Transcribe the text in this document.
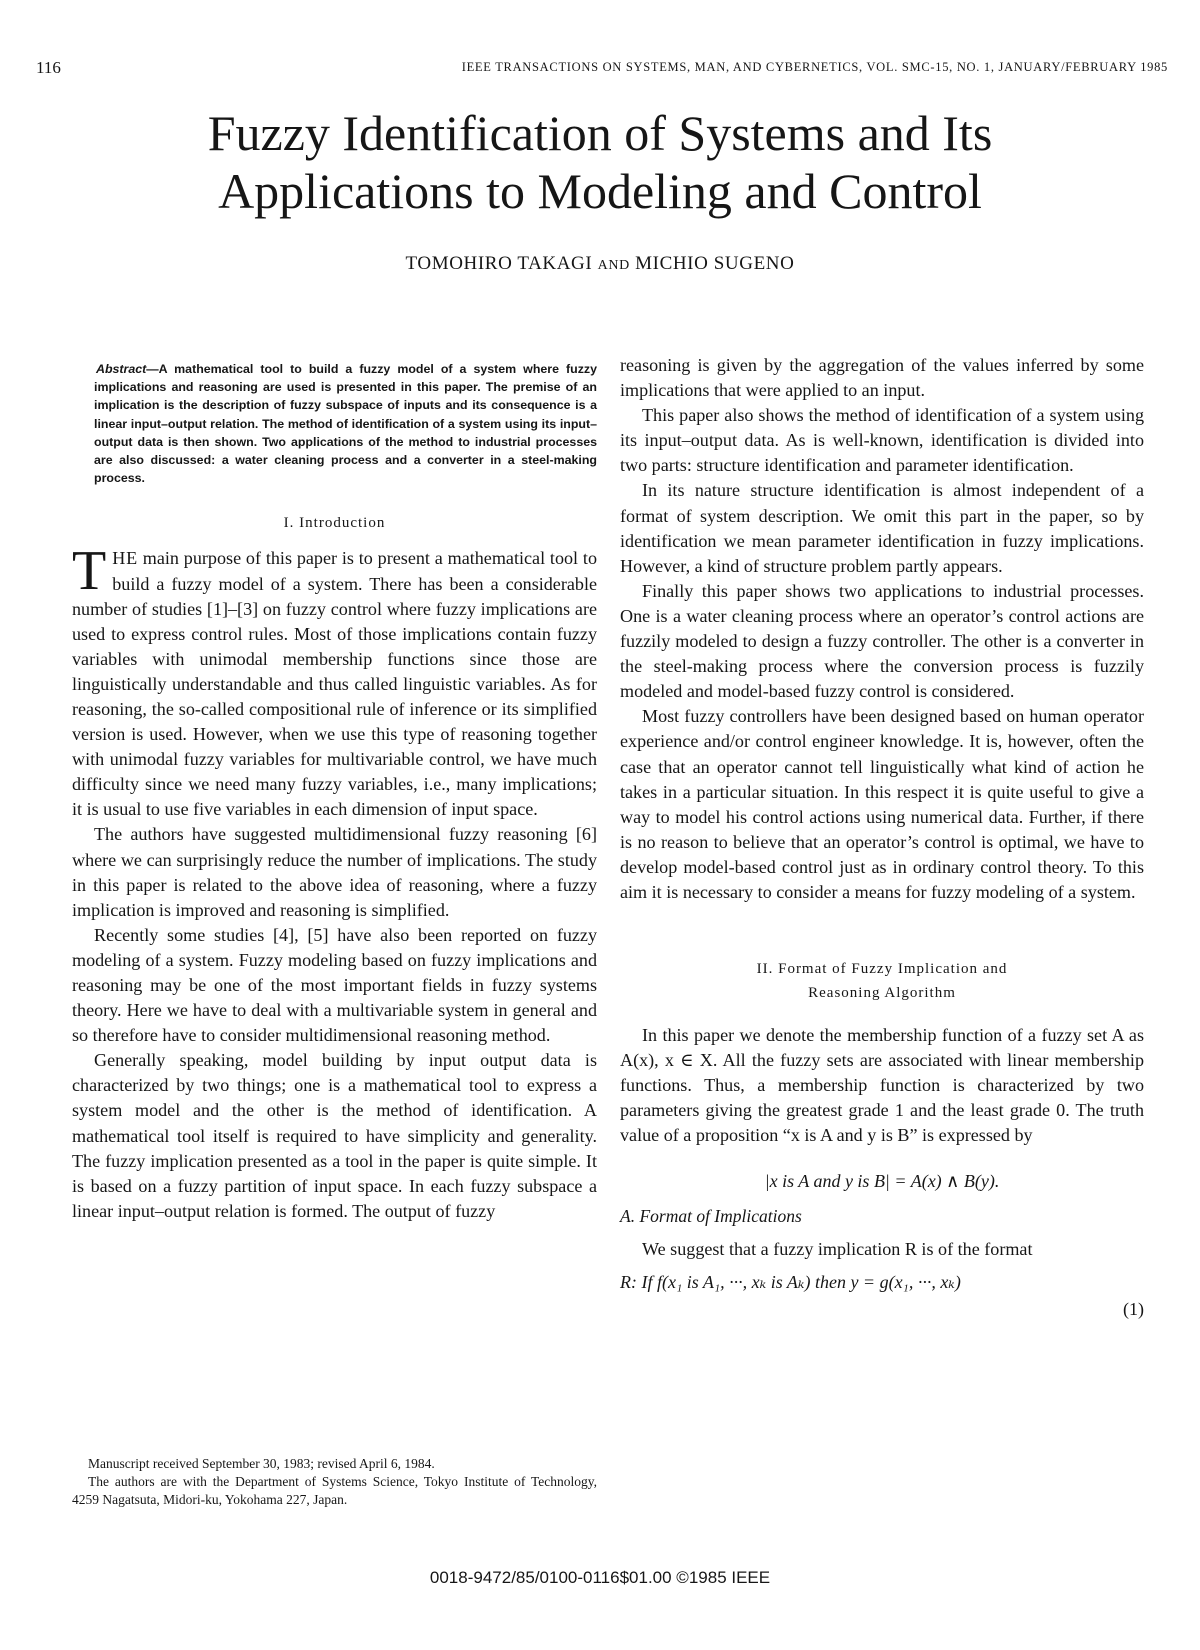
116	IEEE TRANSACTIONS ON SYSTEMS, MAN, AND CYBERNETICS, VOL. SMC-15, NO. 1, JANUARY/FEBRUARY 1985
Fuzzy Identification of Systems and Its
Applications to Modeling and Control
TOMOHIRO TAKAGI AND MICHIO SUGENO

Abstract—A mathematical tool to build a fuzzy model of a system where fuzzy implications and reasoning are used is presented in this paper. The premise of an implication is the description of fuzzy subspace of inputs and its consequence is a linear input–output relation. The method of identification of a system using its input–output data is then shown. Two applications of the method to industrial processes are also discussed: a water cleaning process and a converter in a steel-making process.

I. Introduction

THE main purpose of this paper is to present a mathematical tool to build a fuzzy model of a system. There has been a considerable number of studies [1]–[3] on fuzzy control where fuzzy implications are used to express control rules. Most of those implications contain fuzzy variables with unimodal membership functions since those are linguistically understandable and thus called linguistic variables. As for reasoning, the so-called compositional rule of inference or its simplified version is used. However, when we use this type of reasoning together with unimodal fuzzy variables for multivariable control, we have much difficulty since we need many fuzzy variables, i.e., many implications; it is usual to use five variables in each dimension of input space.

The authors have suggested multidimensional fuzzy reasoning [6] where we can surprisingly reduce the number of implications. The study in this paper is related to the above idea of reasoning, where a fuzzy implication is improved and reasoning is simplified.

Recently some studies [4], [5] have also been reported on fuzzy modeling of a system. Fuzzy modeling based on fuzzy implications and reasoning may be one of the most important fields in fuzzy systems theory. Here we have to deal with a multivariable system in general and so therefore have to consider multidimensional reasoning method.

Generally speaking, model building by input output data is characterized by two things; one is a mathematical tool to express a system model and the other is the method of identification. A mathematical tool itself is required to have simplicity and generality. The fuzzy implication presented as a tool in the paper is quite simple. It is based on a fuzzy partition of input space. In each fuzzy subspace a linear input–output relation is formed. The output of fuzzy

reasoning is given by the aggregation of the values inferred by some implications that were applied to an input.

This paper also shows the method of identification of a system using its input–output data. As is well-known, identification is divided into two parts: structure identification and parameter identification.

In its nature structure identification is almost independent of a format of system description. We omit this part in the paper, so by identification we mean parameter identification in fuzzy implications. However, a kind of structure problem partly appears.

Finally this paper shows two applications to industrial processes. One is a water cleaning process where an operator’s control actions are fuzzily modeled to design a fuzzy controller. The other is a converter in the steel-making process where the conversion process is fuzzily modeled and model-based fuzzy control is considered.

Most fuzzy controllers have been designed based on human operator experience and/or control engineer knowledge. It is, however, often the case that an operator cannot tell linguistically what kind of action he takes in a particular situation. In this respect it is quite useful to give a way to model his control actions using numerical data. Further, if there is no reason to believe that an operator’s control is optimal, we have to develop model-based control just as in ordinary control theory. To this aim it is necessary to consider a means for fuzzy modeling of a system.

II. Format of Fuzzy Implication and
Reasoning Algorithm

In this paper we denote the membership function of a fuzzy set A as A(x), x ∈ X. All the fuzzy sets are associated with linear membership functions. Thus, a membership function is characterized by two parameters giving the greatest grade 1 and the least grade 0. The truth value of a proposition “x is A and y is B” is expressed by

|x is A and y is B| = A(x) ∧ B(y).

A. Format of Implications

We suggest that a fuzzy implication R is of the format

R: If f(x₁ is A₁, ···, xₖ is Aₖ) then y = g(x₁, ···, xₖ)

(1)

Manuscript received September 30, 1983; revised April 6, 1984.

The authors are with the Department of Systems Science, Tokyo Institute of Technology, 4259 Nagatsuta, Midori-ku, Yokohama 227, Japan.

0018-9472/85/0100-0116$01.00 ©1985 IEEE
